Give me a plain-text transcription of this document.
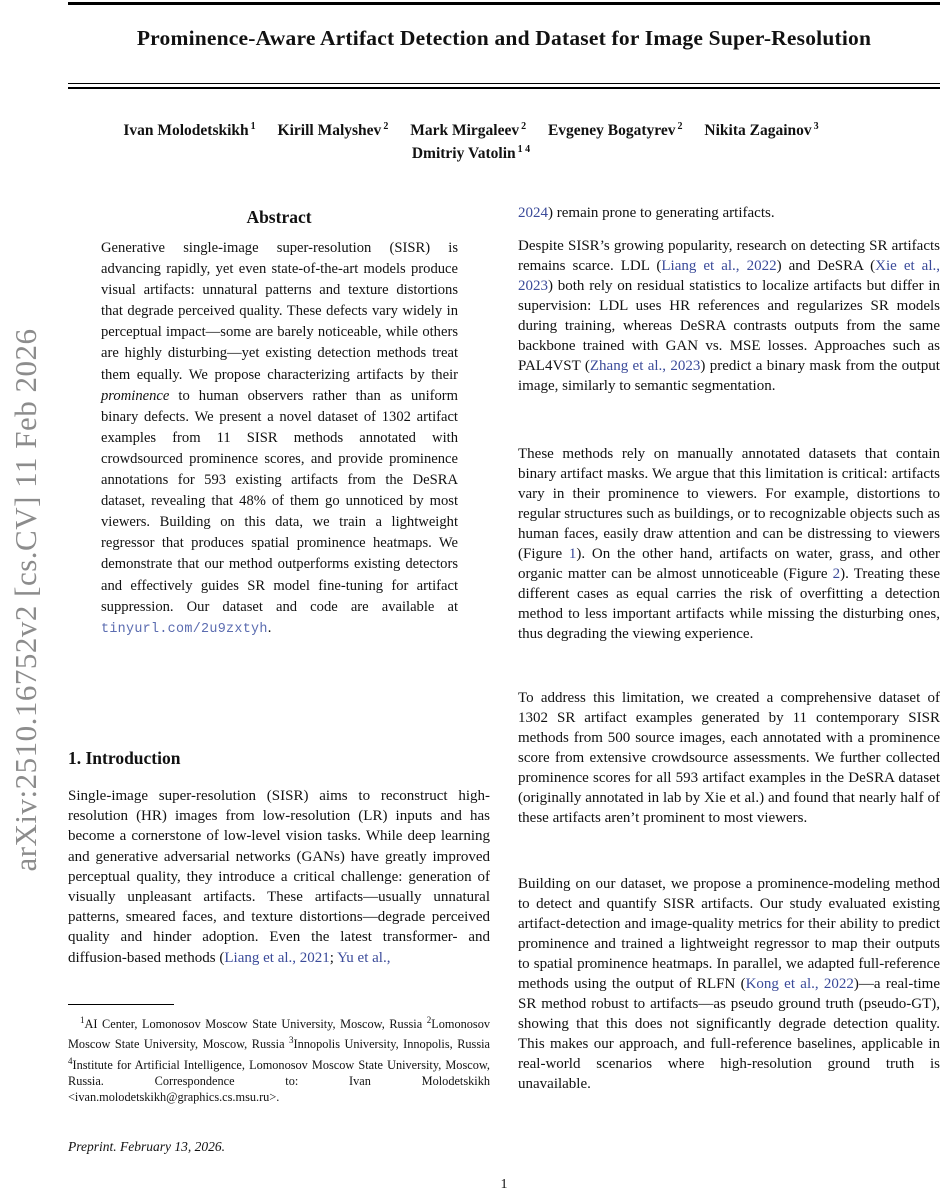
arXiv:2510.16752v2 [cs.CV] 11 Feb 2026
Prominence-Aware Artifact Detection and Dataset for Image Super-Resolution
Ivan Molodetskikh $^1$ Kirill Malyshev $^2$ Mark Mirgaleev $^2$ Evgeney Bogatyrev $^2$ Nikita Zagainov $^3$
Dmitriy Vatolin $^{1 4}$
Abstract

Generative single-image super-resolution (SISR) is advancing rapidly, yet even state-of-the-art models produce visual artifacts: unnatural patterns and texture distortions that degrade perceived quality. These defects vary widely in perceptual impact—some are barely noticeable, while others are highly disturbing—yet existing detection methods treat them equally. We propose characterizing artifacts by their prominence to human observers rather than as uniform binary defects. We present a novel dataset of 1302 artifact examples from 11 SISR methods annotated with crowdsourced prominence scores, and provide prominence annotations for 593 existing artifacts from the DeSRA dataset, revealing that 48% of them go unnoticed by most viewers. Building on this data, we train a lightweight regressor that produces spatial prominence heatmaps. We demonstrate that our method outperforms existing detectors and effectively guides SR model fine-tuning for artifact suppression. Our dataset and code are available at tinyurl.com/2u9zxtyh.

1. Introduction

Single-image super-resolution (SISR) aims to reconstruct high-resolution (HR) images from low-resolution (LR) inputs and has become a cornerstone of low-level vision tasks. While deep learning and generative adversarial networks (GANs) have greatly improved perceptual quality, they introduce a critical challenge: generation of visually unpleasant artifacts. These artifacts—usually unnatural patterns, smeared faces, and texture distortions—degrade perceived quality and hinder adoption. Even the latest transformer- and diffusion-based methods (Liang et al., 2021; Yu et al.,

2024) remain prone to generating artifacts.

Despite SISR’s growing popularity, research on detecting SR artifacts remains scarce. LDL (Liang et al., 2022) and DeSRA (Xie et al., 2023) both rely on residual statistics to localize artifacts but differ in supervision: LDL uses HR references and regularizes SR models during training, whereas DeSRA contrasts outputs from the same backbone trained with GAN vs. MSE losses. Approaches such as PAL4VST (Zhang et al., 2023) predict a binary mask from the output image, similarly to semantic segmentation.

These methods rely on manually annotated datasets that contain binary artifact masks. We argue that this limitation is critical: artifacts vary in their prominence to viewers. For example, distortions to regular structures such as buildings, or to recognizable objects such as human faces, easily draw attention and can be distressing to viewers (Figure 1). On the other hand, artifacts on water, grass, and other organic matter can be almost unnoticeable (Figure 2). Treating these different cases as equal carries the risk of overfitting a detection method to less important artifacts while missing the disturbing ones, thus degrading the viewing experience.

To address this limitation, we created a comprehensive dataset of 1302 SR artifact examples generated by 11 contemporary SISR methods from 500 source images, each annotated with a prominence score from extensive crowdsource assessments. We further collected prominence scores for all 593 artifact examples in the DeSRA dataset (originally annotated in lab by Xie et al.) and found that nearly half of these artifacts aren’t prominent to most viewers.

Building on our dataset, we propose a prominence-modeling method to detect and quantify SISR artifacts. Our study evaluated existing artifact-detection and image-quality metrics for their ability to predict prominence and trained a lightweight regressor to map their outputs to spatial prominence heatmaps. In parallel, we adapted full-reference methods using the output of RLFN (Kong et al., 2022)—a real-time SR method robust to artifacts—as pseudo ground truth (pseudo-GT), showing that this does not significantly degrade detection quality. This makes our approach, and full-reference baselines, applicable in real-world scenarios where high-resolution ground truth is unavailable.

$^1$AI Center, Lomonosov Moscow State University, Moscow, Russia $^2$Lomonosov Moscow State University, Moscow, Russia $^3$Innopolis University, Innopolis, Russia $^4$Institute for Artificial Intelligence, Lomonosov Moscow State University, Moscow, Russia. Correspondence to: Ivan Molodetskikh <ivan.molodetskikh@graphics.cs.msu.ru>.
Preprint. February 13, 2026.
1
